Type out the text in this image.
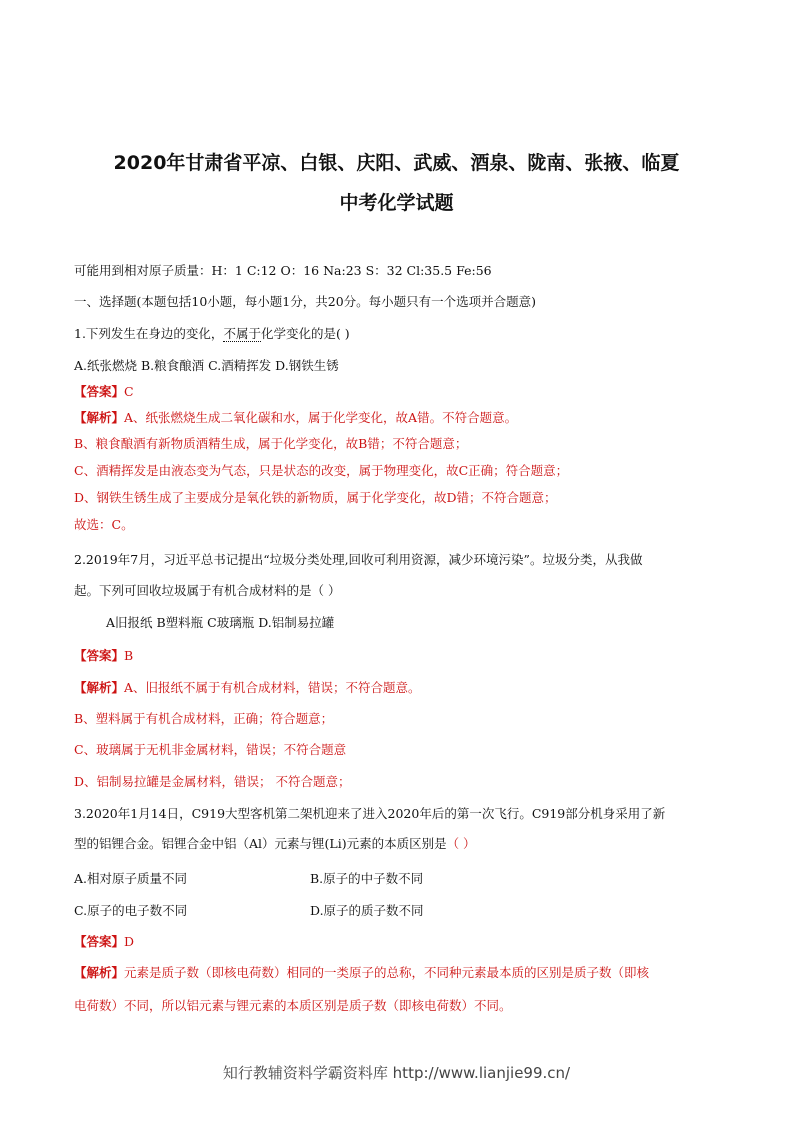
2020年甘肃省平凉、白银、庆阳、武威、酒泉、陇南、张掖、临夏
中考化学试题
可能用到相对原子质量：H：1 C:12 O：16 Na:23 S：32 Cl:35.5 Fe:56
一、选择题(本题包括10小题，每小题1分，共20分。每小题只有一个选项并合题意)
1.下列发生在身边的变化，不属于化学变化的是( )
A.纸张燃烧 B.粮食酿酒 C.酒精挥发 D.钢铁生锈
【答案】C
【解析】A、纸张燃烧生成二氧化碳和水，属于化学变化，故A错。不符合题意。
B、粮食酿酒有新物质酒精生成，属于化学变化，故B错；不符合题意；
C、酒精挥发是由液态变为气态，只是状态的改变，属于物理变化，故C正确；符合题意；
D、钢铁生锈生成了主要成分是氧化铁的新物质，属于化学变化，故D错；不符合题意；
故选：C。
2.2019年7月，习近平总书记提出“垃圾分类处理,回收可利用资源，减少环境污染”。垃圾分类，从我做
起。下列可回收垃圾属于有机合成材料的是（ ）
A旧报纸 B塑料瓶 C玻璃瓶 D.铝制易拉罐
【答案】B
【解析】A、旧报纸不属于有机合成材料，错误；不符合题意。
B、塑料属于有机合成材料，正确；符合题意；
C、玻璃属于无机非金属材料，错误；不符合题意
D、铝制易拉罐是金属材料，错误； 不符合题意；
3.2020年1月14日，C919大型客机第二架机迎来了进入2020年后的第一次飞行。C919部分机身采用了新
型的铝锂合金。铝锂合金中铝（Al）元素与锂(Li)元素的本质区别是（ ）
A.相对原子质量不同	B.原子的中子数不同
C.原子的电子数不同	D.原子的质子数不同
【答案】D
【解析】元素是质子数（即核电荷数）相同的一类原子的总称，不同种元素最本质的区别是质子数（即核
电荷数）不同，所以铝元素与锂元素的本质区别是质子数（即核电荷数）不同。
知行教辅资料学霸资料库 http://www.lianjie99.cn/
